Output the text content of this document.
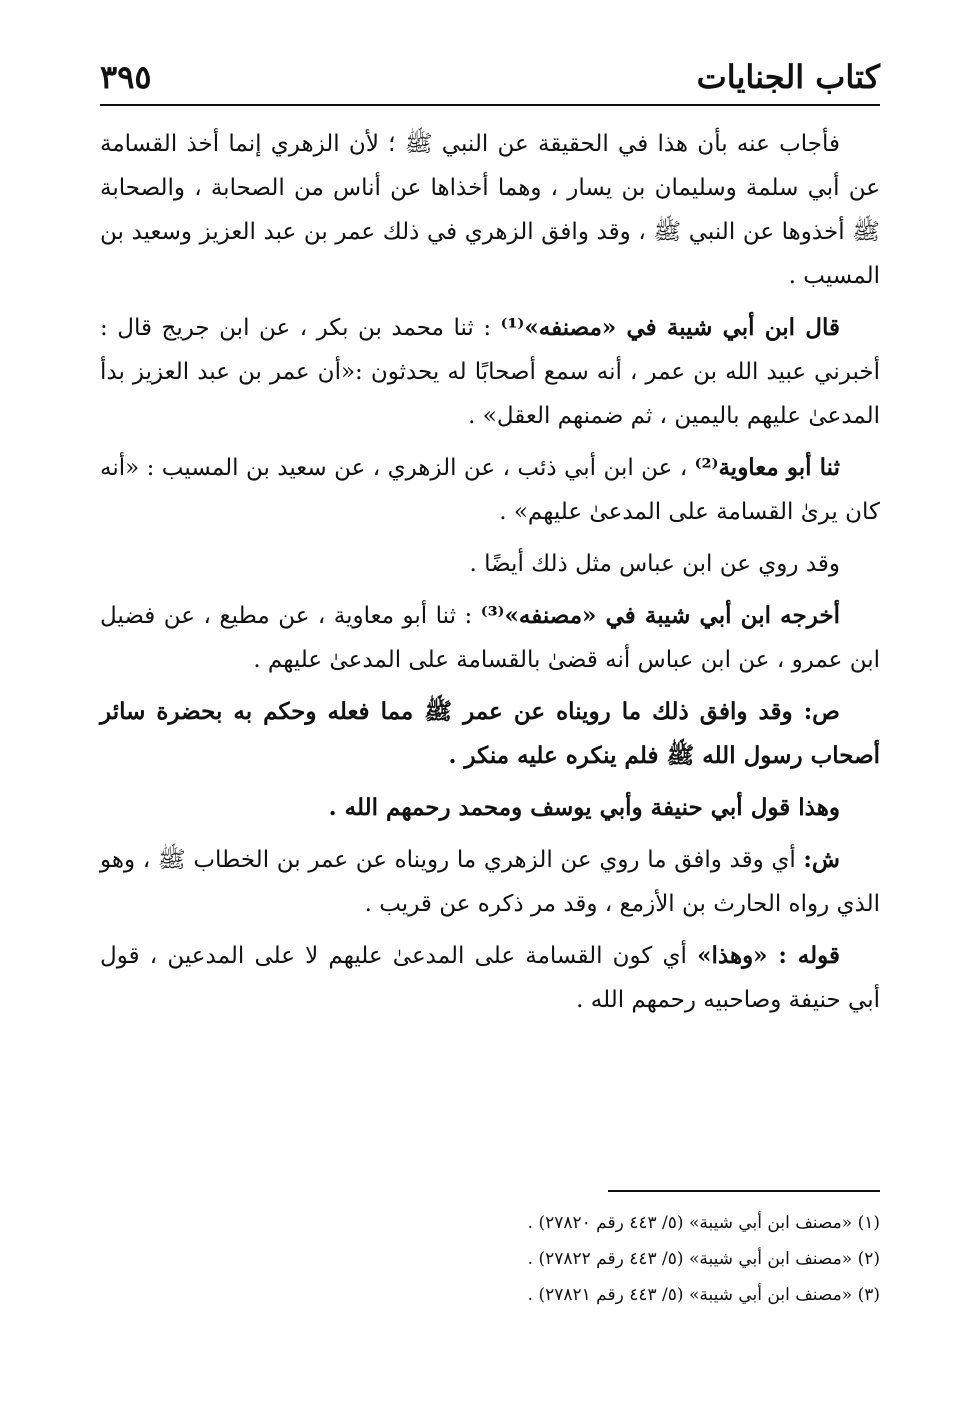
كتاب الجنايات
٣٩٥

فأجاب عنه بأن هذا في الحقيقة عن النبي ﷺ ؛ لأن الزهري إنما أخذ القسامة عن أبي سلمة وسليمان بن يسار ، وهما أخذاها عن أناس من الصحابة ، والصحابة ﷺ أخذوها عن النبي ﷺ ، وقد وافق الزهري في ذلك عمر بن عبد العزيز وسعيد بن المسيب .

قال ابن أبي شيبة في «مصنفه»⁽¹⁾ : ثنا محمد بن بكر ، عن ابن جريج قال : أخبرني عبيد الله بن عمر ، أنه سمع أصحابًا له يحدثون :«أن عمر بن عبد العزيز بدأ المدعىٰ عليهم باليمين ، ثم ضمنهم العقل» .

ثنا أبو معاوية⁽²⁾ ، عن ابن أبي ذئب ، عن الزهري ، عن سعيد بن المسيب : «أنه كان يرىٰ القسامة على المدعىٰ عليهم» .

وقد روي عن ابن عباس مثل ذلك أيضًا .

أخرجه ابن أبي شيبة في «مصنفه»⁽³⁾ : ثنا أبو معاوية ، عن مطيع ، عن فضيل ابن عمرو ، عن ابن عباس أنه قضىٰ بالقسامة على المدعىٰ عليهم .

ص: وقد وافق ذلك ما رويناه عن عمر ﷺ مما فعله وحكم به بحضرة سائر أصحاب رسول الله ﷺ فلم ينكره عليه منكر .

وهذا قول أبي حنيفة وأبي يوسف ومحمد رحمهم الله .

ش: أي وقد وافق ما روي عن الزهري ما رويناه عن عمر بن الخطاب ﷺ ، وهو الذي رواه الحارث بن الأزمع ، وقد مر ذكره عن قريب .

قوله : «وهذا» أي كون القسامة على المدعىٰ عليهم لا على المدعين ، قول أبي حنيفة وصاحبيه رحمهم الله .

(١) «مصنف ابن أبي شيبة» (٥/ ٤٤٣ رقم ٢٧٨٢٠) .

(٢) «مصنف ابن أبي شيبة» (٥/ ٤٤٣ رقم ٢٧٨٢٢) .

(٣) «مصنف ابن أبي شيبة» (٥/ ٤٤٣ رقم ٢٧٨٢١) .
